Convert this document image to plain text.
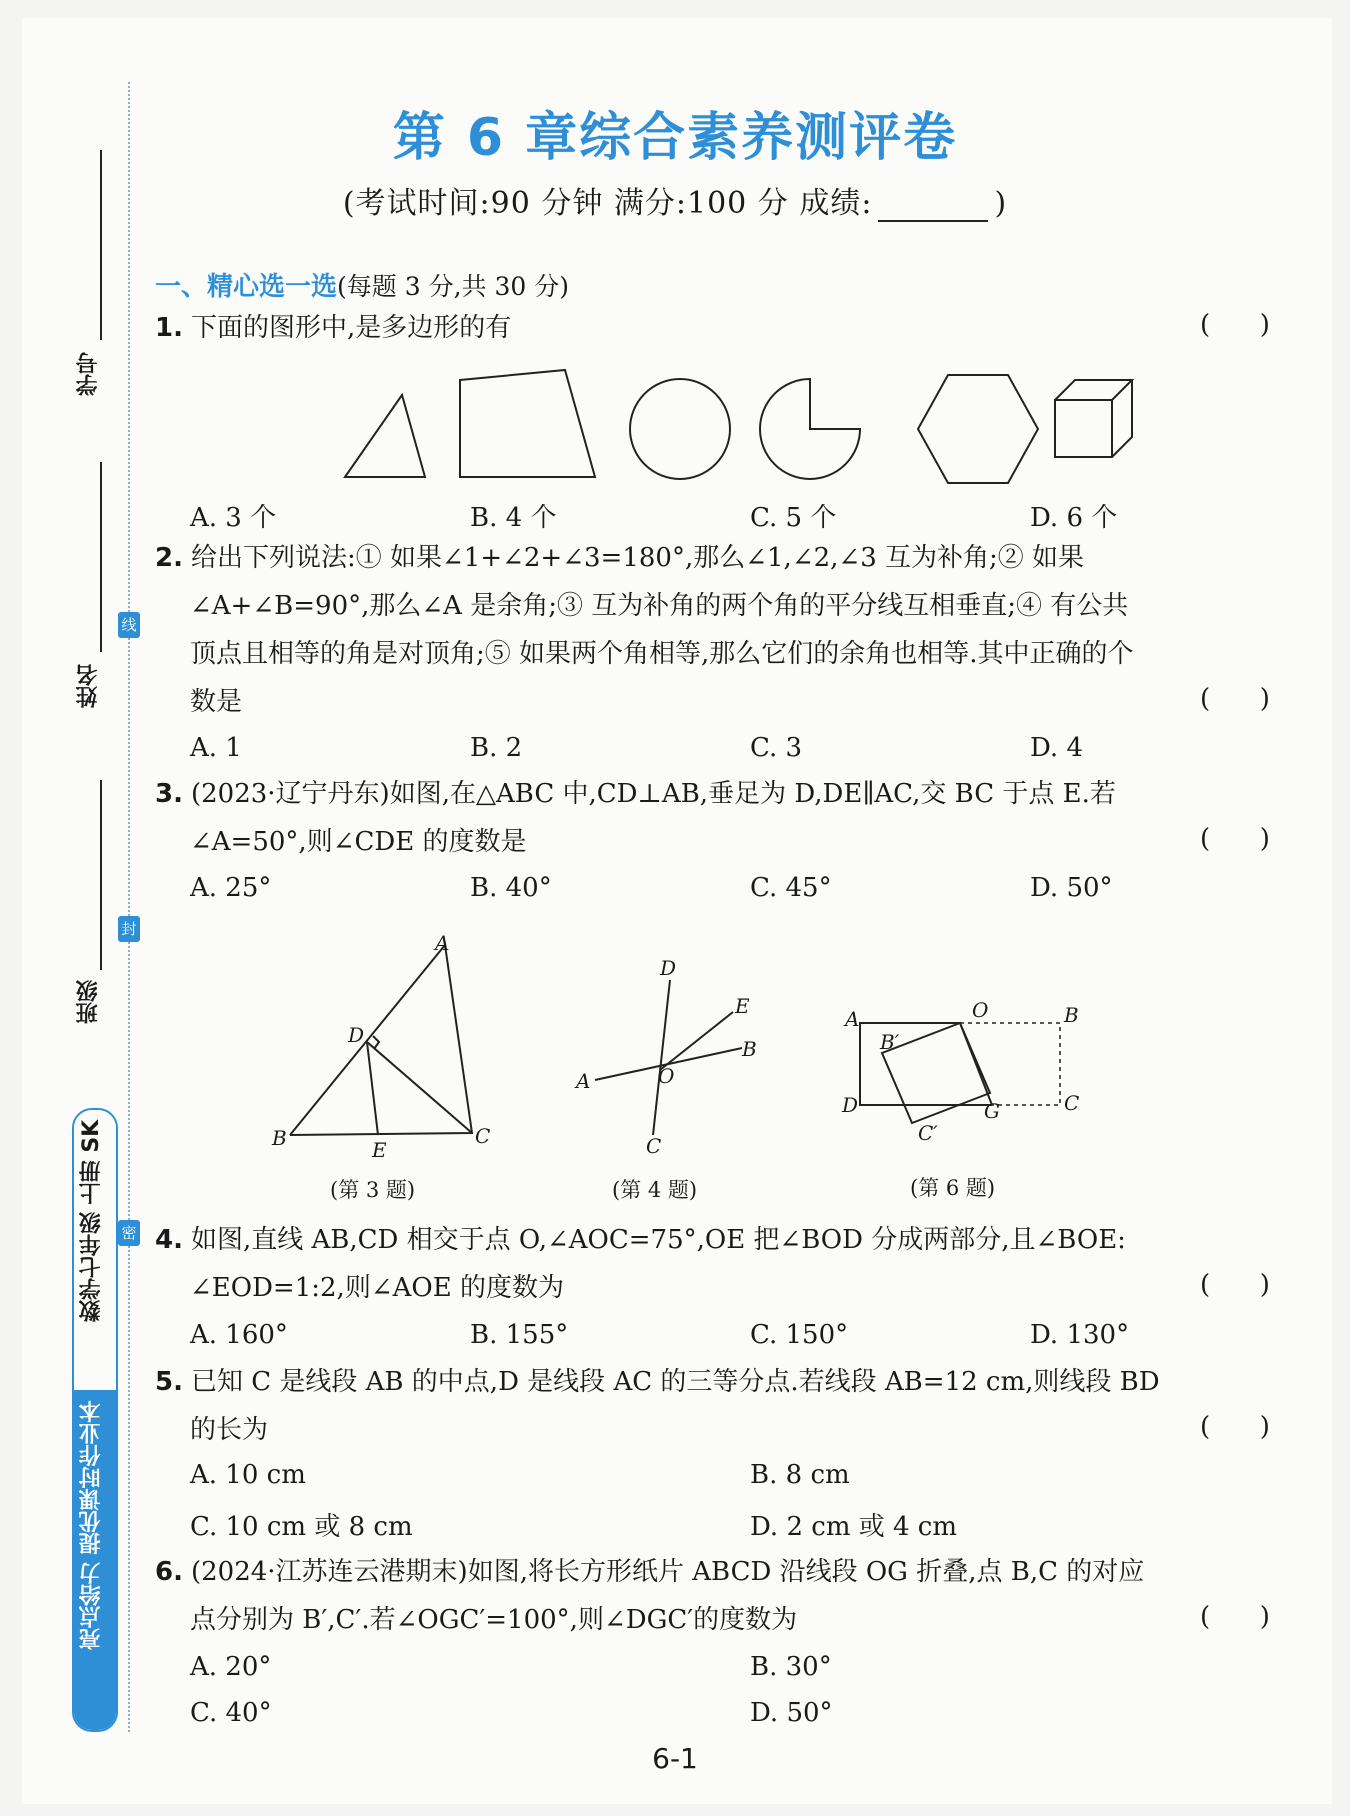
学号
姓名
班级
线
封
密
数学七年级 上册 SK
亮点给力 提优课时作业本
第 6 章综合素养测评卷
(考试时间:90 分钟 满分:100 分 成绩:	)
一、精心选一选(每题 3 分,共 30 分)
1. 下面的图形中,是多边形的有	(      )
A. 3 个	B. 4 个	C. 5 个	D. 6 个
2. 给出下列说法:① 如果∠1+∠2+∠3=180°,那么∠1,∠2,∠3 互为补角;② 如果
∠A+∠B=90°,那么∠A 是余角;③ 互为补角的两个角的平分线互相垂直;④ 有公共
顶点且相等的角是对顶角;⑤ 如果两个角相等,那么它们的余角也相等.其中正确的个
数是	(      )
A. 1	B. 2	C. 3	D. 4
3. (2023·辽宁丹东)如图,在△ABC 中,CD⊥AB,垂足为 D,DE∥AC,交 BC 于点 E.若
∠A=50°,则∠CDE 的度数是	(      )
A. 25°	B. 40°	C. 45°	D. 50°
A
B	C
D
E
(第 3 题)
D
E
B
A	O
C
(第 4 题)
A	B
C
D
O
G
B′
C′
(第 6 题)
4. 如图,直线 AB,CD 相交于点 O,∠AOC=75°,OE 把∠BOD 分成两部分,且∠BOE:
∠EOD=1:2,则∠AOE 的度数为	(      )
A. 160°	B. 155°	C. 150°	D. 130°
5. 已知 C 是线段 AB 的中点,D 是线段 AC 的三等分点.若线段 AB=12 cm,则线段 BD
的长为	(      )
A. 10 cm	B. 8 cm
C. 10 cm 或 8 cm	D. 2 cm 或 4 cm
6. (2024·江苏连云港期末)如图,将长方形纸片 ABCD 沿线段 OG 折叠,点 B,C 的对应
点分别为 B′,C′.若∠OGC′=100°,则∠DGC′的度数为	(      )
A. 20°	B. 30°
C. 40°	D. 50°
6-1
